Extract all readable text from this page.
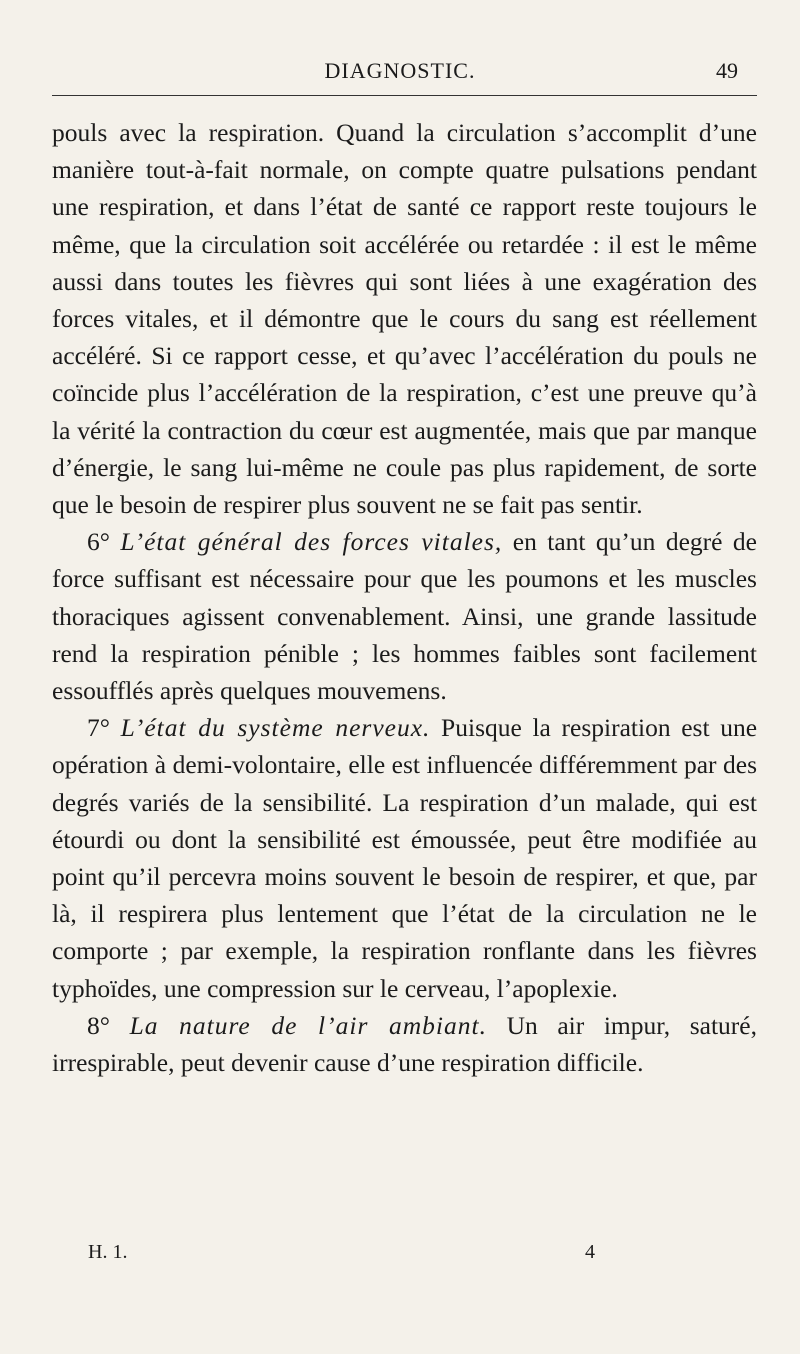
DIAGNOSTIC.	49

pouls avec la respiration. Quand la circulation s’accomplit d’une manière tout-à-fait normale, on compte quatre pulsations pendant une respiration, et dans l’état de santé ce rapport reste toujours le même, que la circulation soit accélérée ou retardée : il est le même aussi dans toutes les fièvres qui sont liées à une exagération des forces vitales, et il démontre que le cours du sang est réellement accéléré. Si ce rapport cesse, et qu’avec l’accélération du pouls ne coïncide plus l’accélération de la respiration, c’est une preuve qu’à la vérité la contraction du cœur est augmentée, mais que par manque d’énergie, le sang lui-même ne coule pas plus rapidement, de sorte que le besoin de respirer plus souvent ne se fait pas sentir.

6° L’état général des forces vitales, en tant qu’un degré de force suffisant est nécessaire pour que les poumons et les muscles thoraciques agissent convenablement. Ainsi, une grande lassitude rend la respiration pénible ; les hommes faibles sont facilement essoufflés après quelques mouvemens.

7° L’état du système nerveux. Puisque la respiration est une opération à demi-volontaire, elle est influencée différemment par des degrés variés de la sensibilité. La respiration d’un malade, qui est étourdi ou dont la sensibilité est émoussée, peut être modifiée au point qu’il percevra moins souvent le besoin de respirer, et que, par là, il respirera plus lentement que l’état de la circulation ne le comporte ; par exemple, la respiration ronflante dans les fièvres typhoïdes, une compression sur le cerveau, l’apoplexie.

8° La nature de l’air ambiant. Un air impur, saturé, irrespirable, peut devenir cause d’une respiration difficile.

H. 1.	4
